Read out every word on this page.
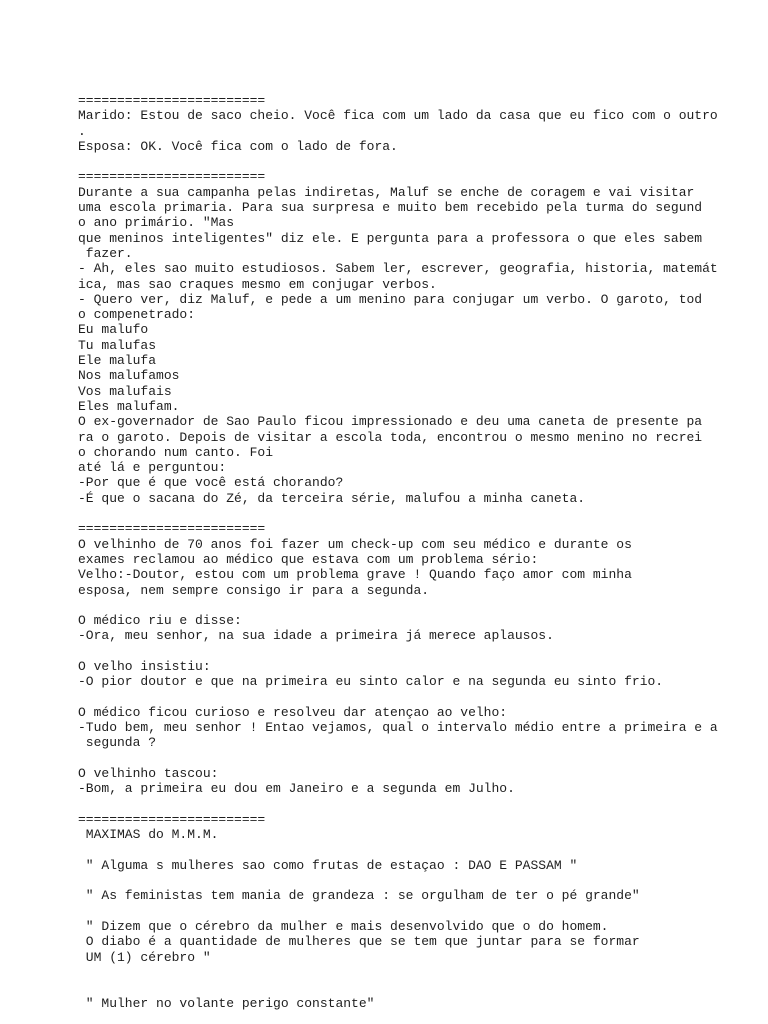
========================
Marido: Estou de saco cheio. Você fica com um lado da casa que eu fico com o outro
.
Esposa: OK. Você fica com o lado de fora.
========================
Durante a sua campanha pelas indiretas, Maluf se enche de coragem e vai visitar
uma escola primaria. Para sua surpresa e muito bem recebido pela turma do segund
o ano primário. "Mas
que meninos inteligentes" diz ele. E pergunta para a professora o que eles sabem
fazer.
- Ah, eles sao muito estudiosos. Sabem ler, escrever, geografia, historia, matemát
ica, mas sao craques mesmo em conjugar verbos.
- Quero ver, diz Maluf, e pede a um menino para conjugar um verbo. O garoto, tod
o compenetrado:
Eu malufo
Tu malufas
Ele malufa
Nos malufamos
Vos malufais
Eles malufam.
O ex-governador de Sao Paulo ficou impressionado e deu uma caneta de presente pa
ra o garoto. Depois de visitar a escola toda, encontrou o mesmo menino no recrei
o chorando num canto. Foi
até lá e perguntou:
-Por que é que você está chorando?
-É que o sacana do Zé, da terceira série, malufou a minha caneta.
========================
O velhinho de 70 anos foi fazer um check-up com seu médico e durante os
exames reclamou ao médico que estava com um problema sério:
Velho:-Doutor, estou com um problema grave ! Quando faço amor com minha
esposa, nem sempre consigo ir para a segunda.
O médico riu e disse:
-Ora, meu senhor, na sua idade a primeira já merece aplausos.
O velho insistiu:
-O pior doutor e que na primeira eu sinto calor e na segunda eu sinto frio.
O médico ficou curioso e resolveu dar atençao ao velho:
-Tudo bem, meu senhor ! Entao vejamos, qual o intervalo médio entre a primeira e a
segunda ?
O velhinho tascou:
-Bom, a primeira eu dou em Janeiro e a segunda em Julho.
========================
MAXIMAS do M.M.M.
" Alguma s mulheres sao como frutas de estaçao : DAO E PASSAM "
" As feministas tem mania de grandeza : se orgulham de ter o pé grande"
" Dizem que o cérebro da mulher e mais desenvolvido que o do homem.
O diabo é a quantidade de mulheres que se tem que juntar para se formar
UM (1) cérebro "
" Mulher no volante perigo constante"
